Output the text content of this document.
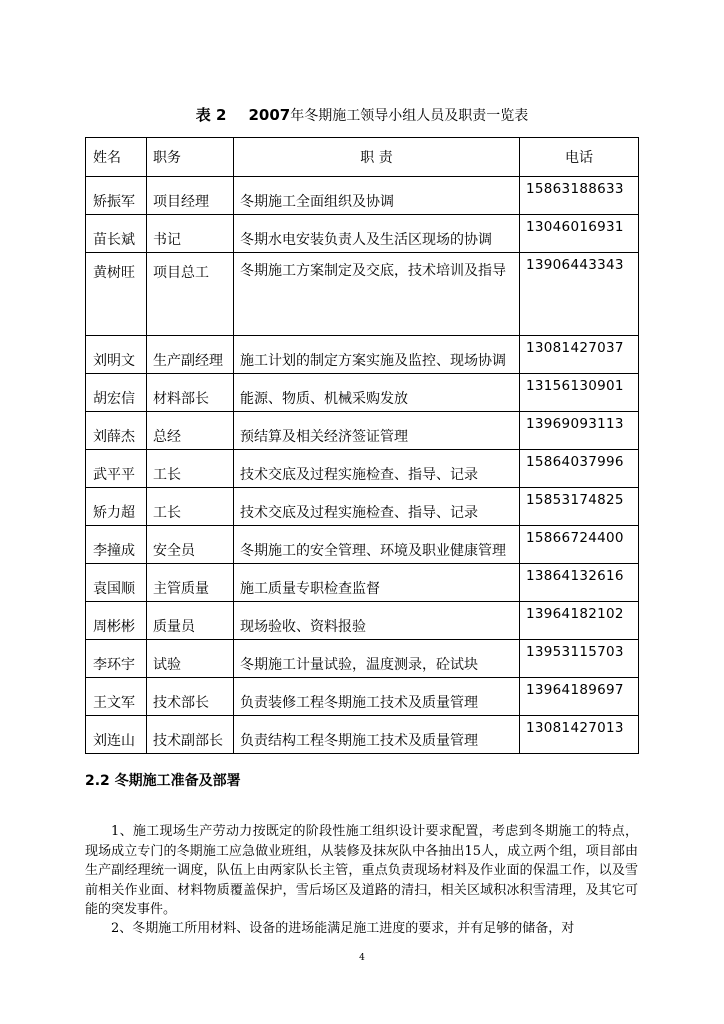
表 2 2007年冬期施工领导小组人员及职责一览表
姓名	职务	职 责	电话
矫振军	项目经理	冬期施工全面组织及协调	15863188633

苗长斌	书记	冬期水电安装负责人及生活区现场的协调	13046016931

黄树旺	项目总工	冬期施工方案制定及交底，技术培训及指导	13906443343

刘明文	生产副经理	施工计划的制定方案实施及监控、现场协调	13081427037

胡宏信	材料部长	能源、物质、机械采购发放	13156130901

刘薛杰	总经	预结算及相关经济签证管理	13969093113

武平平	工长	技术交底及过程实施检查、指导、记录	15864037996

矫力超	工长	技术交底及过程实施检查、指导、记录	15853174825

李撞成	安全员	冬期施工的安全管理、环境及职业健康管理	15866724400

袁国顺	主管质量	施工质量专职检查监督	13864132616

周彬彬	质量员	现场验收、资料报验	13964182102

李环宇	试验	冬期施工计量试验，温度测录，砼试块	13953115703

王文军	技术部长	负责装修工程冬期施工技术及质量管理	13964189697

刘连山	技术副部长	负责结构工程冬期施工技术及质量管理	13081427013
2.2 冬期施工准备及部署
1、施工现场生产劳动力按既定的阶段性施工组织设计要求配置，考虑到冬期施工的特点，现场成立专门的冬期施工应急做业班组，从装修及抹灰队中各抽出15人，成立两个组，项目部由生产副经理统一调度，队伍上由两家队长主管，重点负责现场材料及作业面的保温工作，以及雪前相关作业面、材料物质覆盖保护，雪后场区及道路的清扫，相关区域积冰积雪清理，及其它可能的突发事件。
2、冬期施工所用材料、设备的进场能满足施工进度的要求，并有足够的储备，对
4
